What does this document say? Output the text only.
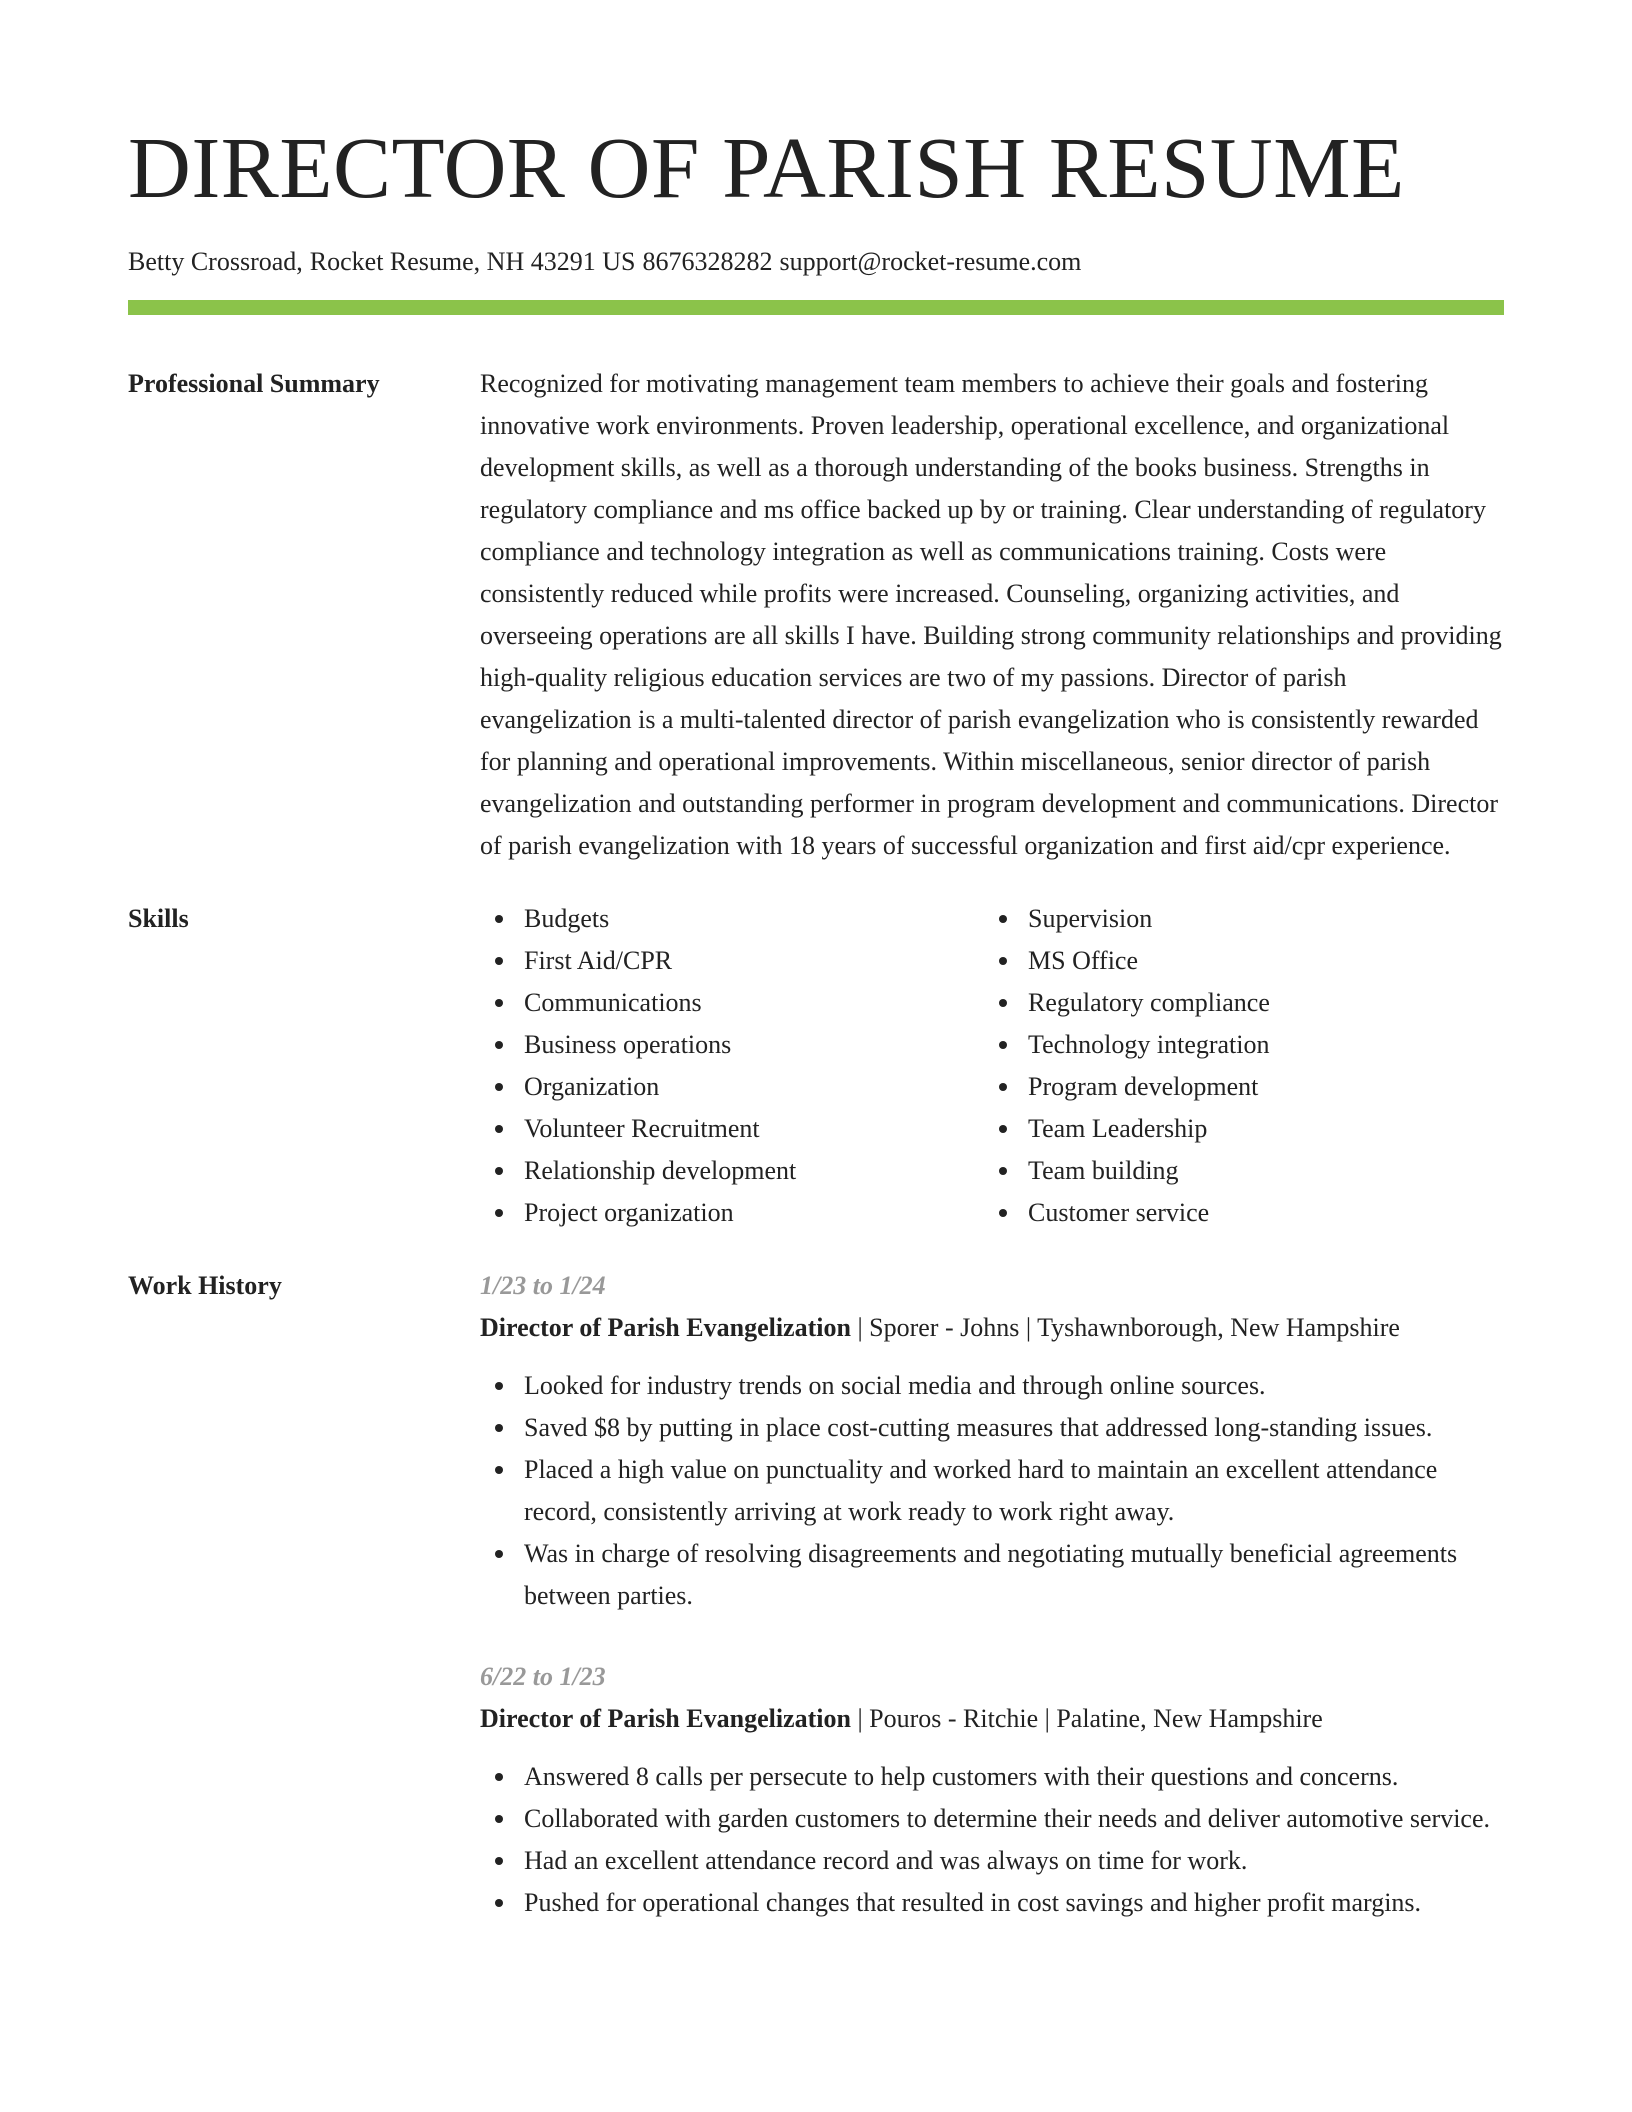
DIRECTOR OF PARISH RESUME
Betty Crossroad, Rocket Resume, NH 43291 US 8676328282 support@rocket-resume.com
Professional Summary	Recognized for motivating management team members to achieve their goals and fostering innovative work environments. Proven leadership, operational excellence, and organizational development skills, as well as a thorough understanding of the books business. Strengths in regulatory compliance and ms office backed up by or training. Clear understanding of regulatory compliance and technology integration as well as communications training. Costs were consistently reduced while profits were increased. Counseling, organizing activities, and overseeing operations are all skills I have. Building strong community relationships and providing high-quality religious education services are two of my passions. Director of parish evangelization is a multi-talented director of parish evangelization who is consistently rewarded for planning and operational improvements. Within miscellaneous, senior director of parish evangelization and outstanding performer in program development and communications. Director of parish evangelization with 18 years of successful organization and first aid/cpr experience.

Skills	Budgets
First Aid/CPR
Communications
Business operations
Organization
Volunteer Recruitment
Relationship development
Project organization
Supervision
MS Office
Regulatory compliance
Technology integration
Program development
Team Leadership
Team building
Customer service
Work History	1/23 to 1/24
Director of Parish Evangelization | Sporer - Johns | Tyshawnborough, New Hampshire
Looked for industry trends on social media and through online sources.
Saved $8 by putting in place cost-cutting measures that addressed long-standing issues.
Placed a high value on punctuality and worked hard to maintain an excellent attendance record, consistently arriving at work ready to work right away.
Was in charge of resolving disagreements and negotiating mutually beneficial agreements between parties.
6/22 to 1/23
Director of Parish Evangelization | Pouros - Ritchie | Palatine, New Hampshire
Answered 8 calls per persecute to help customers with their questions and concerns.
Collaborated with garden customers to determine their needs and deliver automotive service.
Had an excellent attendance record and was always on time for work.
Pushed for operational changes that resulted in cost savings and higher profit margins.
